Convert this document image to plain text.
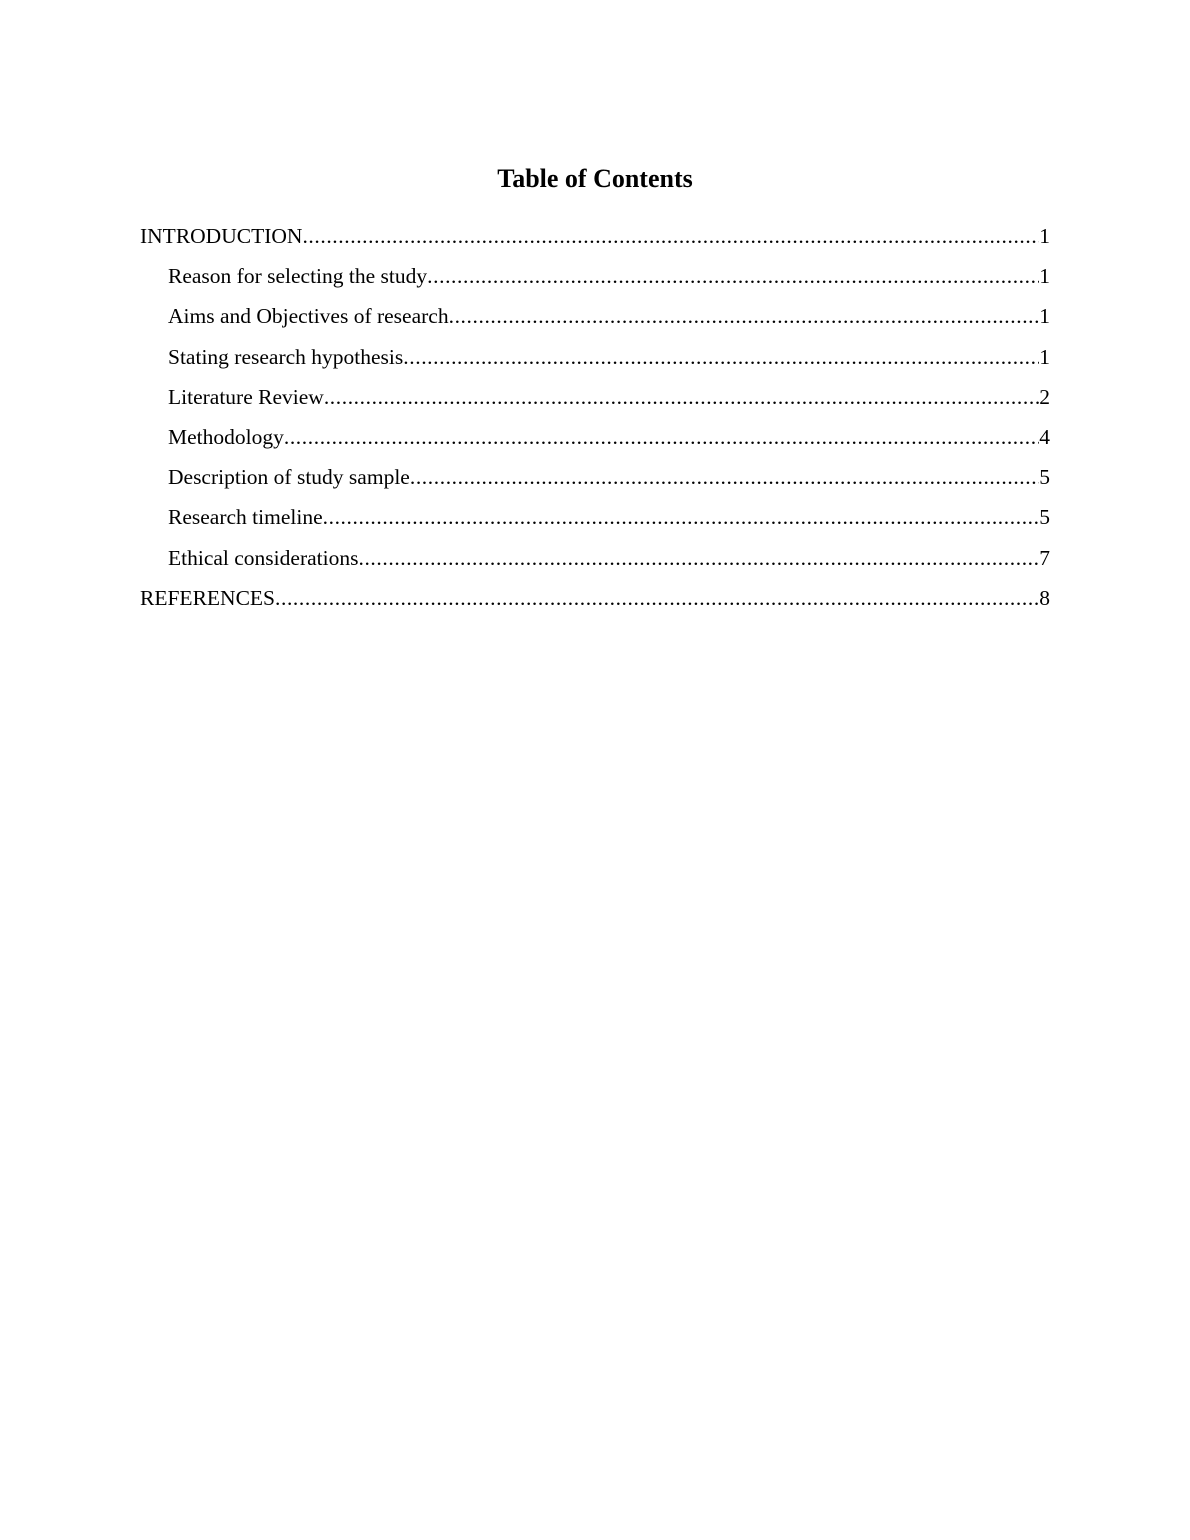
Table of Contents
INTRODUCTION .....	1
Reason for selecting the study .....	1
Aims and Objectives of research .....	1
Stating research hypothesis .....	1
Literature Review .....	2
Methodology .....	4
Description of study sample .....	5
Research timeline .....	5
Ethical considerations .....	7
REFERENCES .....	8
